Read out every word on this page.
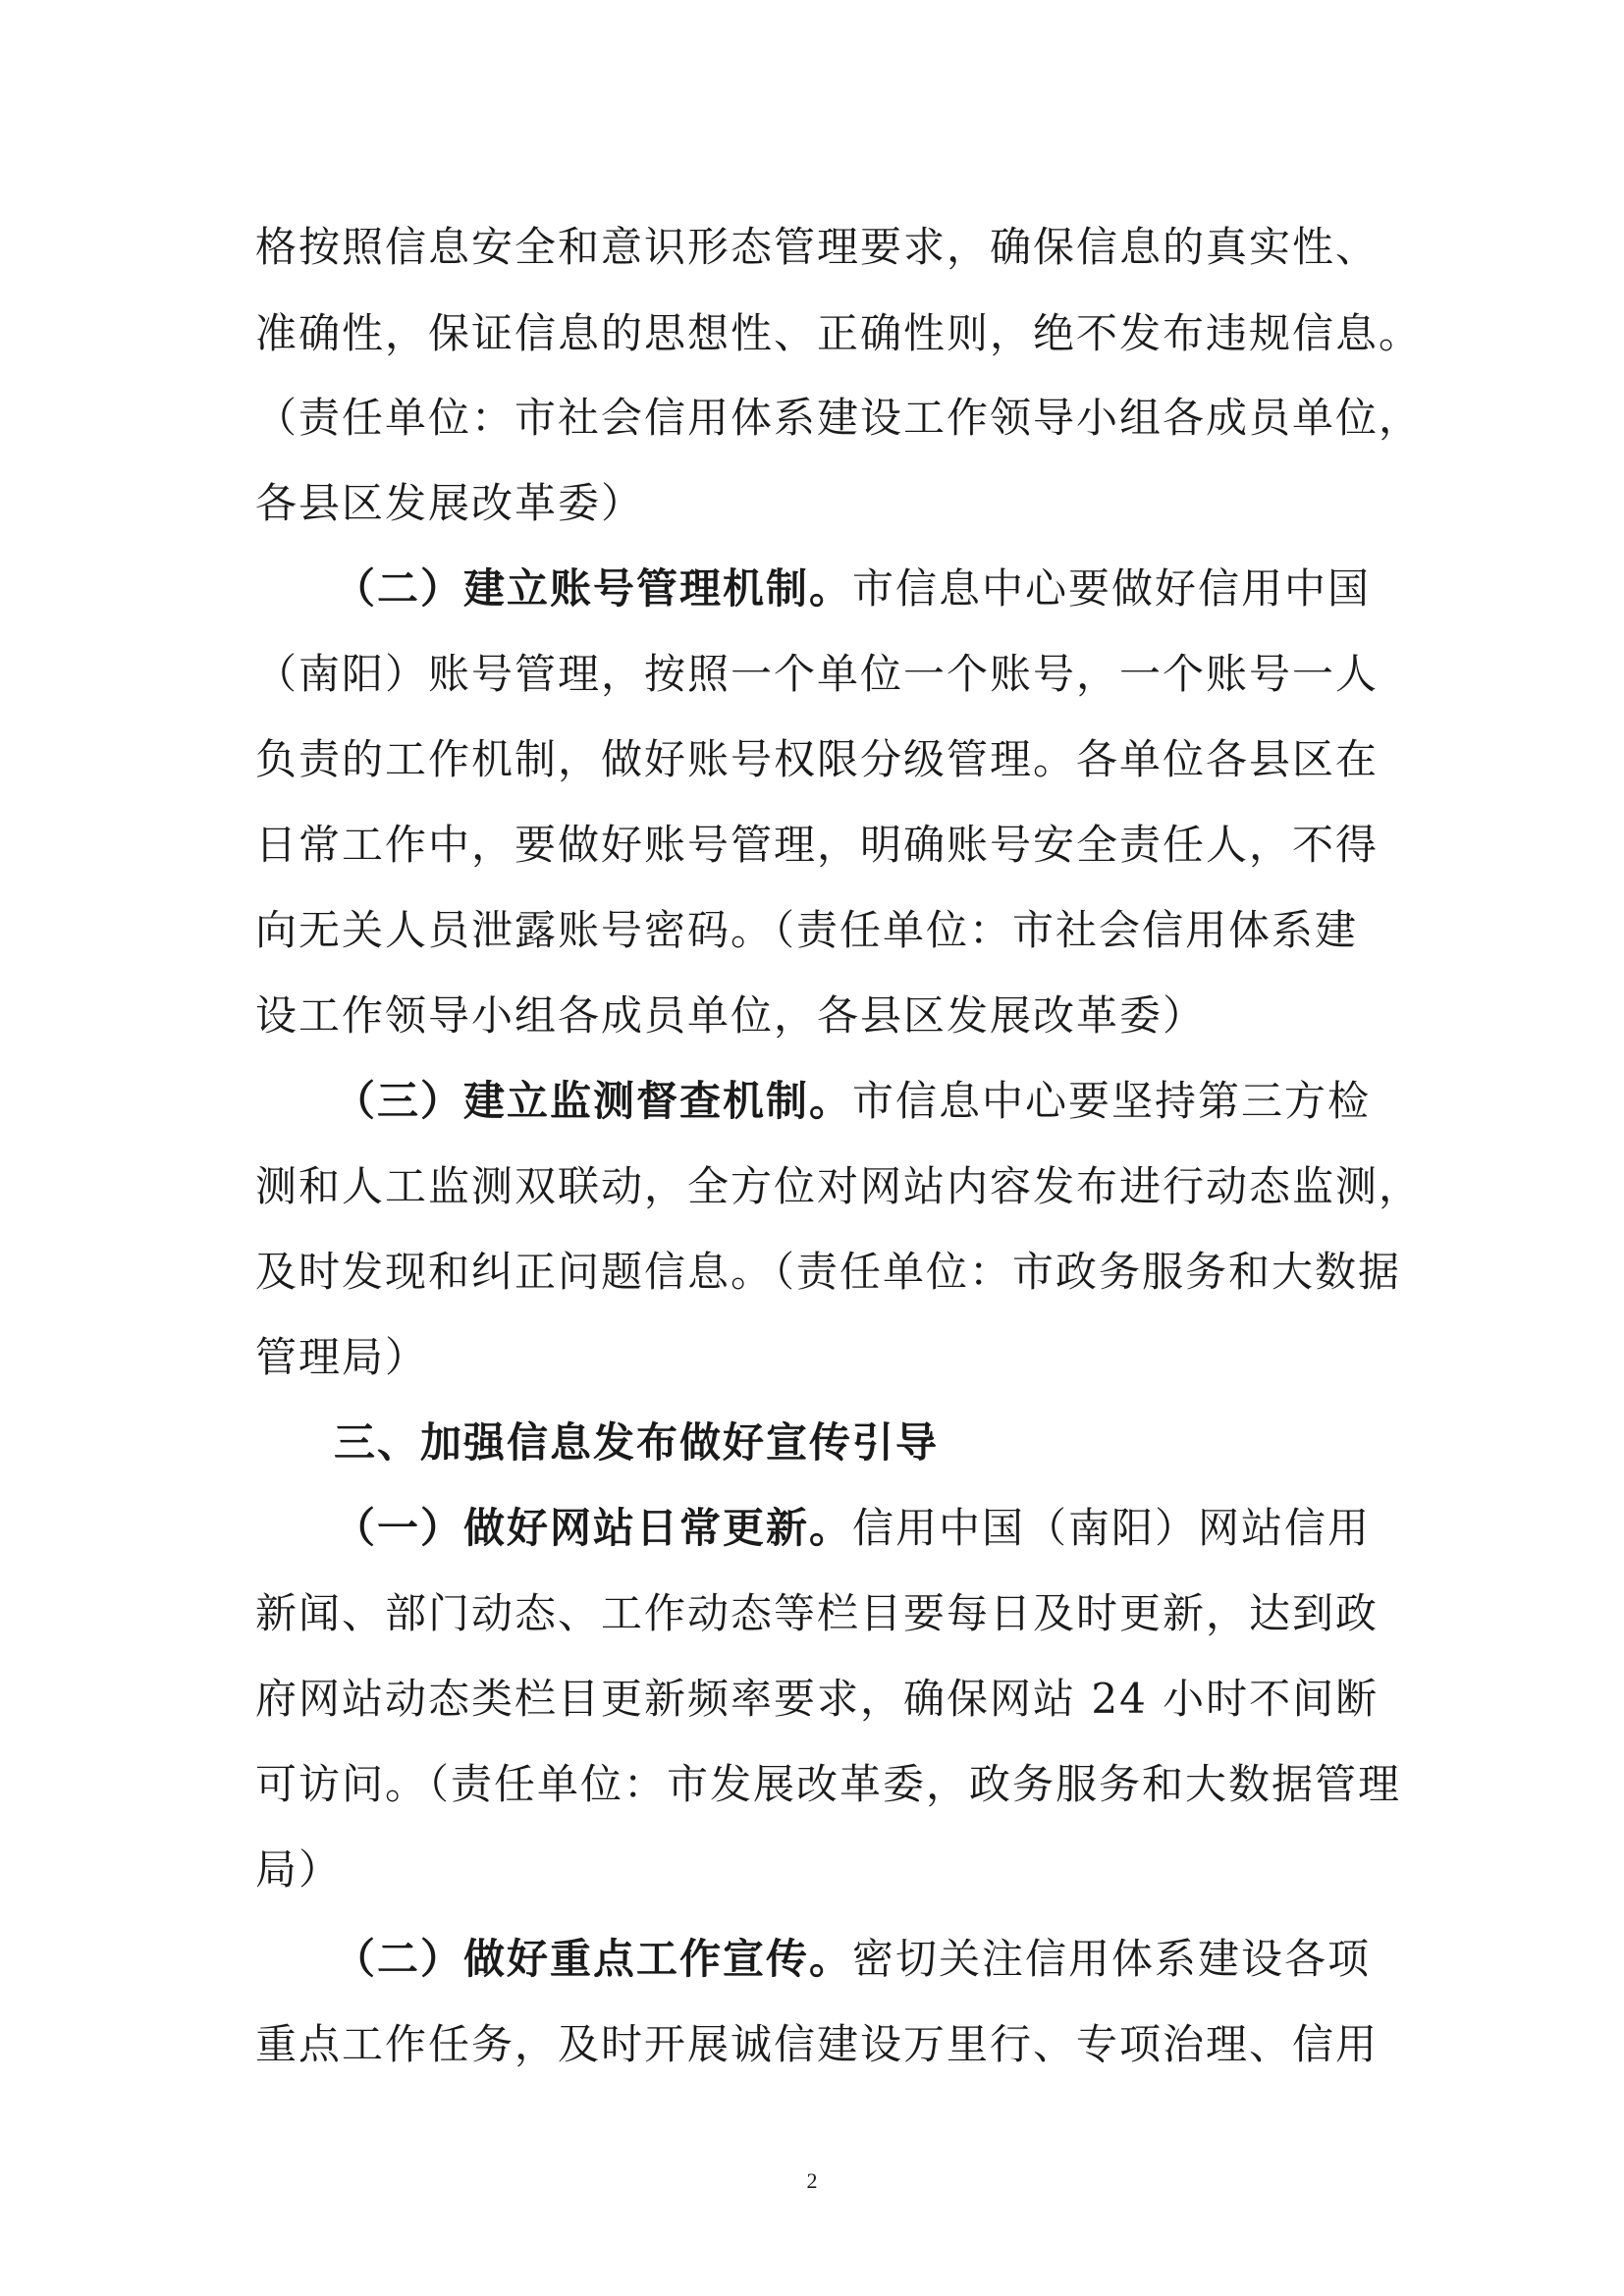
格按照信息安全和意识形态管理要求，确保信息的真实性、
准确性，保证信息的思想性、正确性则，绝不发布违规信息。
（责任单位：市社会信用体系建设工作领导小组各成员单位，
各县区发展改革委）
（二）建立账号管理机制。市信息中心要做好信用中国
（南阳）账号管理，按照一个单位一个账号，一个账号一人
负责的工作机制，做好账号权限分级管理。各单位各县区在
日常工作中，要做好账号管理，明确账号安全责任人，不得
向无关人员泄露账号密码。（责任单位：市社会信用体系建
设工作领导小组各成员单位，各县区发展改革委）
（三）建立监测督查机制。市信息中心要坚持第三方检
测和人工监测双联动，全方位对网站内容发布进行动态监测，
及时发现和纠正问题信息。（责任单位：市政务服务和大数据
管理局）
三、加强信息发布做好宣传引导
（一）做好网站日常更新。信用中国（南阳）网站信用
新闻、部门动态、工作动态等栏目要每日及时更新，达到政
府网站动态类栏目更新频率要求，确保网站 24 小时不间断
可访问。（责任单位：市发展改革委，政务服务和大数据管理
局）
（二）做好重点工作宣传。密切关注信用体系建设各项
重点工作任务，及时开展诚信建设万里行、专项治理、信用
2
